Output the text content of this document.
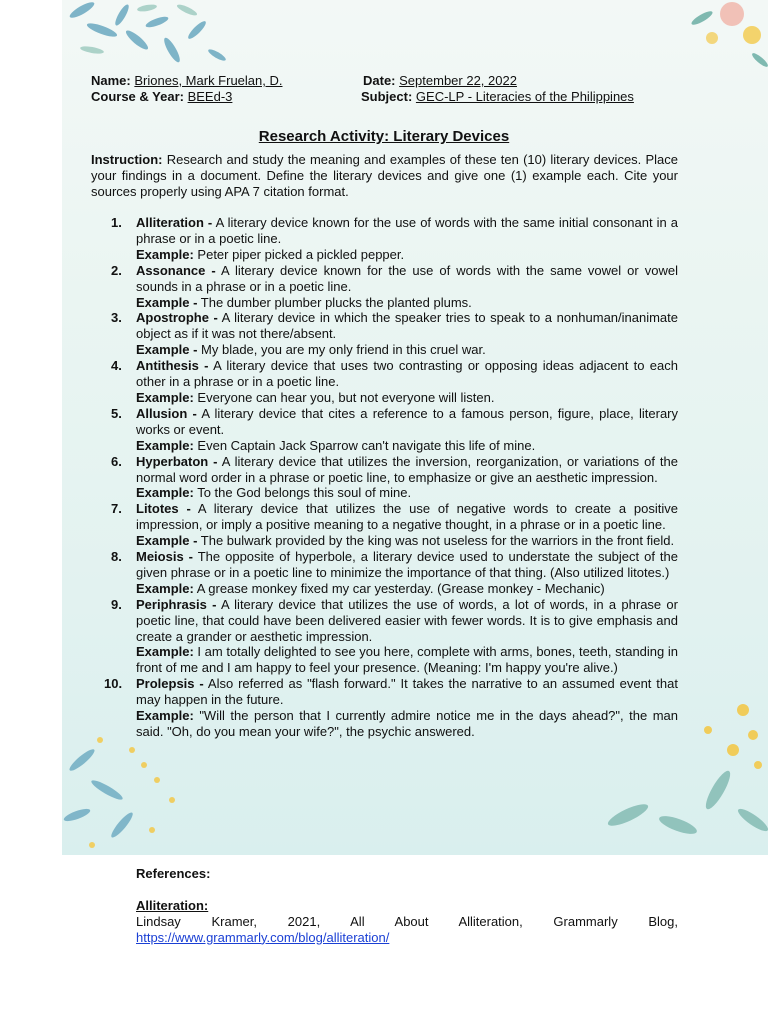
Name: Briones, Mark Fruelan, D.	Date: September 22, 2022
Course & Year: BEEd-3	Subject: GEC-LP - Literacies of the Philippines
Research Activity: Literary Devices
Instruction: Research and study the meaning and examples of these ten (10) literary devices. Place your findings in a document. Define the literary devices and give one (1) example each. Cite your sources properly using APA 7 citation format.
1. Alliteration - A literary device known for the use of words with the same initial consonant in a phrase or in a poetic line.
Example: Peter piper picked a pickled pepper.
2. Assonance - A literary device known for the use of words with the same vowel or vowel sounds in a phrase or in a poetic line.
Example - The dumber plumber plucks the planted plums.
3. Apostrophe - A literary device in which the speaker tries to speak to a nonhuman/inanimate object as if it was not there/absent.
Example - My blade, you are my only friend in this cruel war.
4. Antithesis - A literary device that uses two contrasting or opposing ideas adjacent to each other in a phrase or in a poetic line.
Example: Everyone can hear you, but not everyone will listen.
5. Allusion - A literary device that cites a reference to a famous person, figure, place, literary works or event.
Example: Even Captain Jack Sparrow can't navigate this life of mine.
6. Hyperbaton - A literary device that utilizes the inversion, reorganization, or variations of the normal word order in a phrase or poetic line, to emphasize or give an aesthetic impression.
Example: To the God belongs this soul of mine.
7. Litotes - A literary device that utilizes the use of negative words to create a positive impression, or imply a positive meaning to a negative thought, in a phrase or in a poetic line.
Example - The bulwark provided by the king was not useless for the warriors in the front field.
8. Meiosis - The opposite of hyperbole, a literary device used to understate the subject of the given phrase or in a poetic line to minimize the importance of that thing. (Also utilized litotes.)
Example: A grease monkey fixed my car yesterday. (Grease monkey - Mechanic)
9. Periphrasis - A literary device that utilizes the use of words, a lot of words, in a phrase or poetic line, that could have been delivered easier with fewer words. It is to give emphasis and create a grander or aesthetic impression.
Example: I am totally delighted to see you here, complete with arms, bones, teeth, standing in front of me and I am happy to feel your presence. (Meaning: I'm happy you're alive.)
10. Prolepsis - Also referred as "flash forward." It takes the narrative to an assumed event that may happen in the future.
Example: "Will the person that I currently admire notice me in the days ahead?", the man said. "Oh, do you mean your wife?", the psychic answered.
References:
Alliteration:
Lindsay Kramer, 2021, All About Alliteration, Grammarly Blog,
https://www.grammarly.com/blog/alliteration/
